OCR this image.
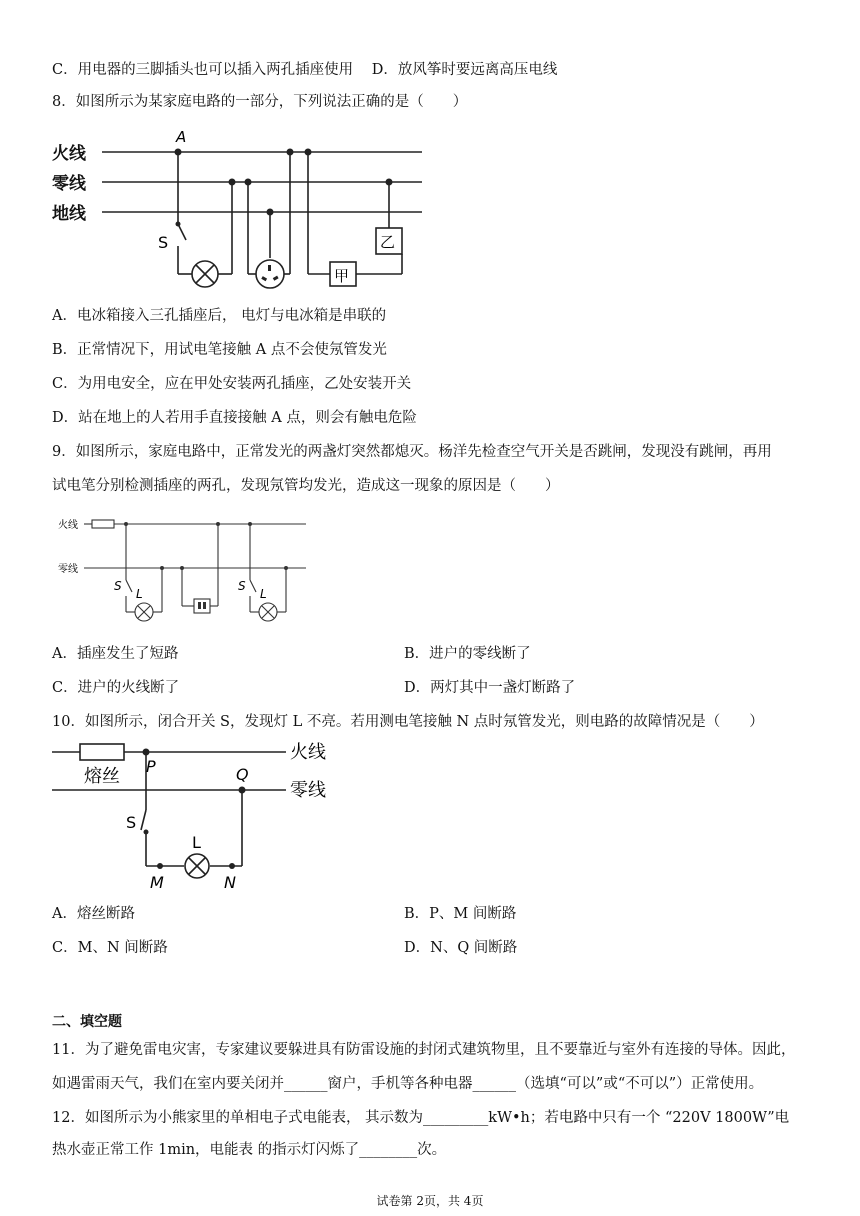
C．用电器的三脚插头也可以插入两孔插座使用 D．放风筝时要远离高压电线
8．如图所示为某家庭电路的一部分，下列说法正确的是（　　）
火线
零线
地线
A
S
甲
乙
A．电冰箱接入三孔插座后， 电灯与电冰箱是串联的
B．正常情况下，用试电笔接触 A 点不会使氖管发光
C．为用电安全，应在甲处安装两孔插座，乙处安装开关
D．站在地上的人若用手直接接触 A 点，则会有触电危险
9．如图所示，家庭电路中，正常发光的两盏灯突然都熄灭。杨洋先检查空气开关是否跳闸，发现没有跳闸，再用
试电笔分别检测插座的两孔，发现氖管均发光，造成这一现象的原因是（　　）
火线
零线
S
L
S
L
A．插座发生了短路	B．进户的零线断了
C．进户的火线断了	D．两灯其中一盏灯断路了
10．如图所示，闭合开关 S，发现灯 L 不亮。若用测电笔接触 N 点时氖管发光，则电路的故障情况是（　　）
熔丝
火线
零线
P	Q
M	N
S
L
A．熔丝断路	B．P、M 间断路
C．M、N 间断路	D．N、Q 间断路
二、填空题
11．为了避免雷电灾害，专家建议要躲进具有防雷设施的封闭式建筑物里，且不要靠近与室外有连接的导体。因此，
如遇雷雨天气，我们在室内要关闭并______窗户，手机等各种电器______（选填“可以”或“不可以”）正常使用。
12．如图所示为小熊家里的单相电子式电能表， 其示数为_________kW•h；若电路中只有一个 “220V 1800W”电
热水壶正常工作 1min，电能表 的指示灯闪烁了________次。
试卷第 2页，共 4页
